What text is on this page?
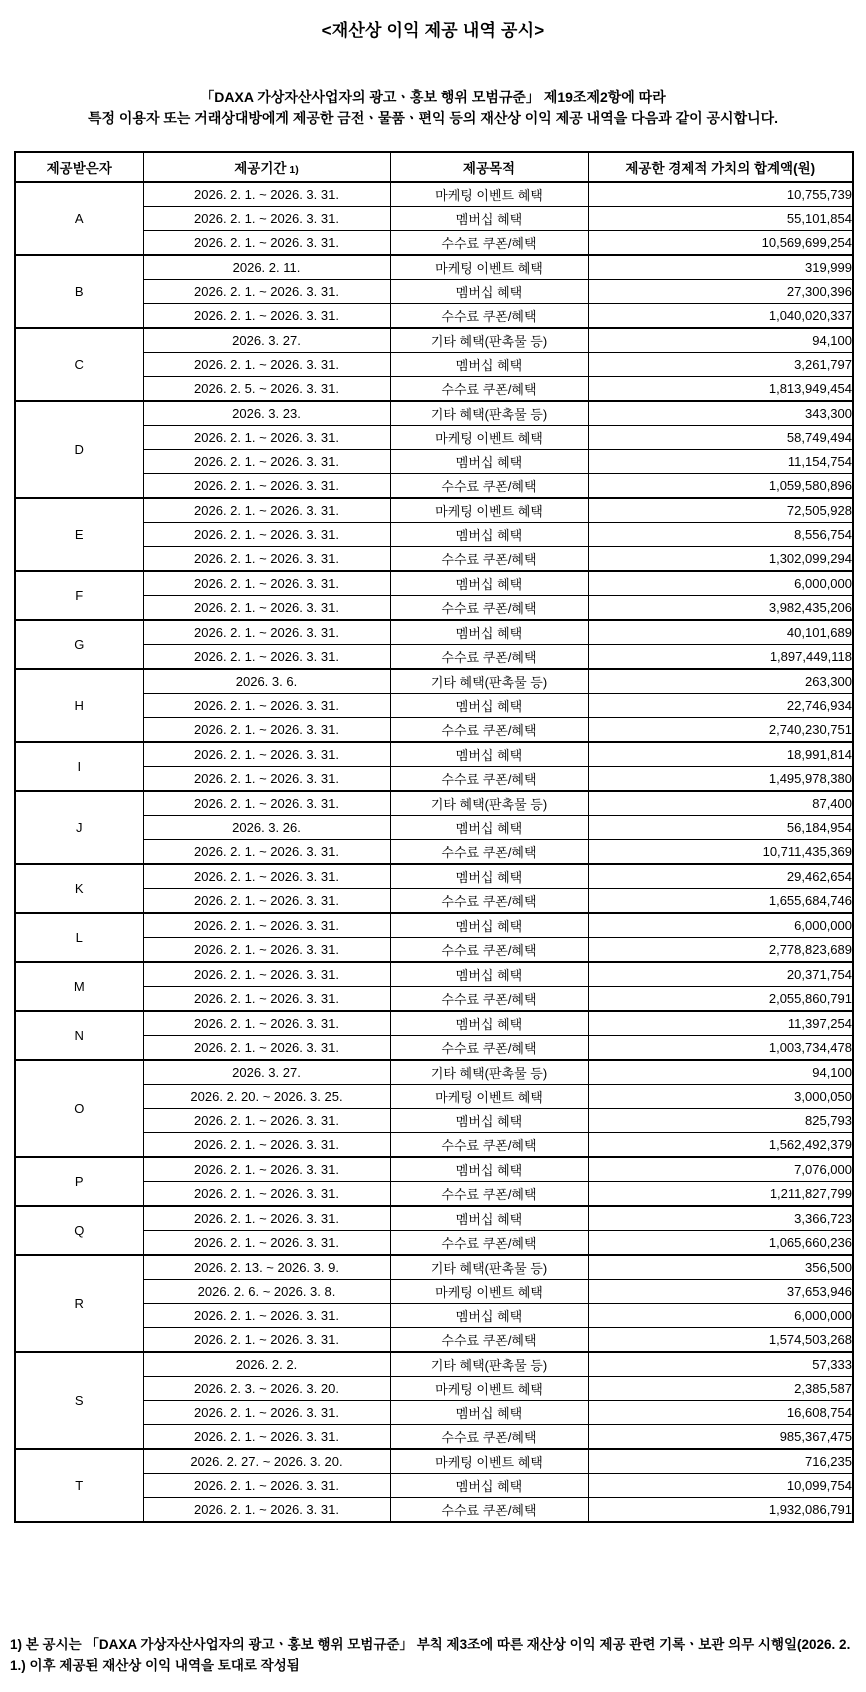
<재산상 이익 제공 내역 공시>
「DAXA 가상자산사업자의 광고ㆍ홍보 행위 모범규준」 제19조제2항에 따라
특정 이용자 또는 거래상대방에게 제공한 금전ㆍ물품ㆍ편익 등의 재산상 이익 제공 내역을 다음과 같이 공시합니다.
제공받은자	제공기간 1)	제공목적	제공한 경제적 가치의 합계액(원)
A	2026. 2. 1. ~ 2026. 3. 31.	마케팅 이벤트 혜택	10,755,739
	2026. 2. 1. ~ 2026. 3. 31.	멤버십 혜택	55,101,854
	2026. 2. 1. ~ 2026. 3. 31.	수수료 쿠폰/혜택	10,569,699,254
B	2026. 2. 11.	마케팅 이벤트 혜택	319,999
	2026. 2. 1. ~ 2026. 3. 31.	멤버십 혜택	27,300,396
	2026. 2. 1. ~ 2026. 3. 31.	수수료 쿠폰/혜택	1,040,020,337
C	2026. 3. 27.	기타 혜택(판촉물 등)	94,100
	2026. 2. 1. ~ 2026. 3. 31.	멤버십 혜택	3,261,797
	2026. 2. 5. ~ 2026. 3. 31.	수수료 쿠폰/혜택	1,813,949,454
D	2026. 3. 23.	기타 혜택(판촉물 등)	343,300
	2026. 2. 1. ~ 2026. 3. 31.	마케팅 이벤트 혜택	58,749,494
	2026. 2. 1. ~ 2026. 3. 31.	멤버십 혜택	11,154,754
	2026. 2. 1. ~ 2026. 3. 31.	수수료 쿠폰/혜택	1,059,580,896
E	2026. 2. 1. ~ 2026. 3. 31.	마케팅 이벤트 혜택	72,505,928
	2026. 2. 1. ~ 2026. 3. 31.	멤버십 혜택	8,556,754
	2026. 2. 1. ~ 2026. 3. 31.	수수료 쿠폰/혜택	1,302,099,294
F	2026. 2. 1. ~ 2026. 3. 31.	멤버십 혜택	6,000,000
	2026. 2. 1. ~ 2026. 3. 31.	수수료 쿠폰/혜택	3,982,435,206
G	2026. 2. 1. ~ 2026. 3. 31.	멤버십 혜택	40,101,689
	2026. 2. 1. ~ 2026. 3. 31.	수수료 쿠폰/혜택	1,897,449,118
H	2026. 3. 6.	기타 혜택(판촉물 등)	263,300
	2026. 2. 1. ~ 2026. 3. 31.	멤버십 혜택	22,746,934
	2026. 2. 1. ~ 2026. 3. 31.	수수료 쿠폰/혜택	2,740,230,751
I	2026. 2. 1. ~ 2026. 3. 31.	멤버십 혜택	18,991,814
	2026. 2. 1. ~ 2026. 3. 31.	수수료 쿠폰/혜택	1,495,978,380
J	2026. 2. 1. ~ 2026. 3. 31.	기타 혜택(판촉물 등)	87,400
	2026. 3. 26.	멤버십 혜택	56,184,954
	2026. 2. 1. ~ 2026. 3. 31.	수수료 쿠폰/혜택	10,711,435,369
K	2026. 2. 1. ~ 2026. 3. 31.	멤버십 혜택	29,462,654
	2026. 2. 1. ~ 2026. 3. 31.	수수료 쿠폰/혜택	1,655,684,746
L	2026. 2. 1. ~ 2026. 3. 31.	멤버십 혜택	6,000,000
	2026. 2. 1. ~ 2026. 3. 31.	수수료 쿠폰/혜택	2,778,823,689
M	2026. 2. 1. ~ 2026. 3. 31.	멤버십 혜택	20,371,754
	2026. 2. 1. ~ 2026. 3. 31.	수수료 쿠폰/혜택	2,055,860,791
N	2026. 2. 1. ~ 2026. 3. 31.	멤버십 혜택	11,397,254
	2026. 2. 1. ~ 2026. 3. 31.	수수료 쿠폰/혜택	1,003,734,478
O	2026. 3. 27.	기타 혜택(판촉물 등)	94,100
	2026. 2. 20. ~ 2026. 3. 25.	마케팅 이벤트 혜택	3,000,050
	2026. 2. 1. ~ 2026. 3. 31.	멤버십 혜택	825,793
	2026. 2. 1. ~ 2026. 3. 31.	수수료 쿠폰/혜택	1,562,492,379
P	2026. 2. 1. ~ 2026. 3. 31.	멤버십 혜택	7,076,000
	2026. 2. 1. ~ 2026. 3. 31.	수수료 쿠폰/혜택	1,211,827,799
Q	2026. 2. 1. ~ 2026. 3. 31.	멤버십 혜택	3,366,723
	2026. 2. 1. ~ 2026. 3. 31.	수수료 쿠폰/혜택	1,065,660,236
R	2026. 2. 13. ~ 2026. 3. 9.	기타 혜택(판촉물 등)	356,500
	2026. 2. 6. ~ 2026. 3. 8.	마케팅 이벤트 혜택	37,653,946
	2026. 2. 1. ~ 2026. 3. 31.	멤버십 혜택	6,000,000
	2026. 2. 1. ~ 2026. 3. 31.	수수료 쿠폰/혜택	1,574,503,268
S	2026. 2. 2.	기타 혜택(판촉물 등)	57,333
	2026. 2. 3. ~ 2026. 3. 20.	마케팅 이벤트 혜택	2,385,587
	2026. 2. 1. ~ 2026. 3. 31.	멤버십 혜택	16,608,754
	2026. 2. 1. ~ 2026. 3. 31.	수수료 쿠폰/혜택	985,367,475
T	2026. 2. 27. ~ 2026. 3. 20.	마케팅 이벤트 혜택	716,235
	2026. 2. 1. ~ 2026. 3. 31.	멤버십 혜택	10,099,754
	2026. 2. 1. ~ 2026. 3. 31.	수수료 쿠폰/혜택	1,932,086,791
1) 본 공시는 「DAXA 가상자산사업자의 광고ㆍ홍보 행위 모범규준」 부칙 제3조에 따른 재산상 이익 제공 관련 기록ㆍ보관 의무 시행일(2026. 2. 1.) 이후 제공된 재산상 이익 내역을 토대로 작성됨
